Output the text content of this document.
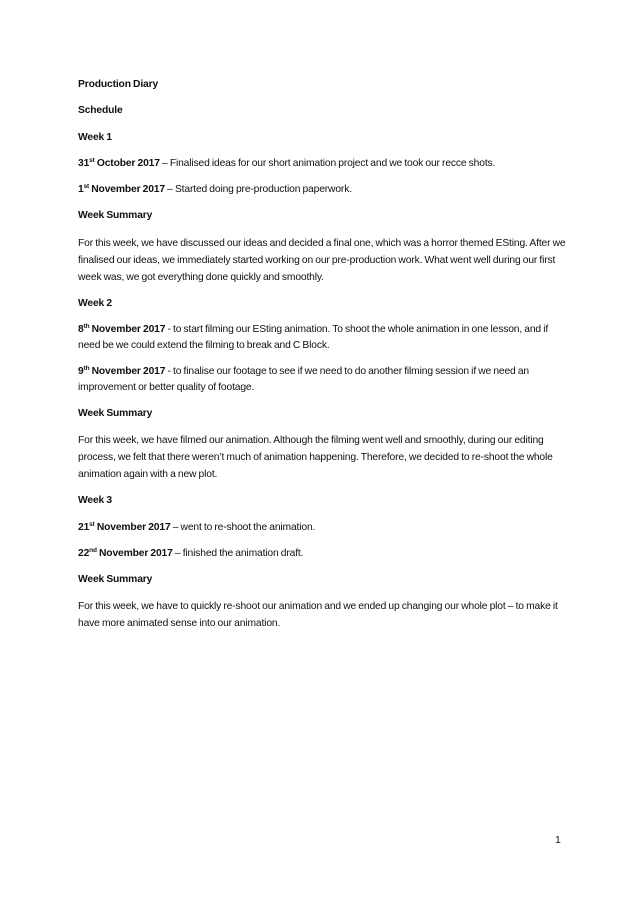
Production Diary

Schedule

Week 1

31st October 2017 – Finalised ideas for our short animation project and we took our recce shots.

1st November 2017 – Started doing pre-production paperwork.

Week Summary

For this week, we have discussed our ideas and decided a final one, which was a horror themed ESting. After we finalised our ideas, we immediately started working on our pre-production work. What went well during our first week was, we got everything done quickly and smoothly.

Week 2

8th November 2017 - to start filming our ESting animation. To shoot the whole animation in one lesson, and if need be we could extend the filming to break and C Block.

9th November 2017 - to finalise our footage to see if we need to do another filming session if we need an improvement or better quality of footage.

Week Summary

For this week, we have filmed our animation. Although the filming went well and smoothly, during our editing process, we felt that there weren’t much of animation happening. Therefore, we decided to re-shoot the whole animation again with a new plot.

Week 3

21st November 2017 – went to re-shoot the animation.

22nd November 2017 – finished the animation draft.

Week Summary

For this week, we have to quickly re-shoot our animation and we ended up changing our whole plot – to make it have more animated sense into our animation.

1
